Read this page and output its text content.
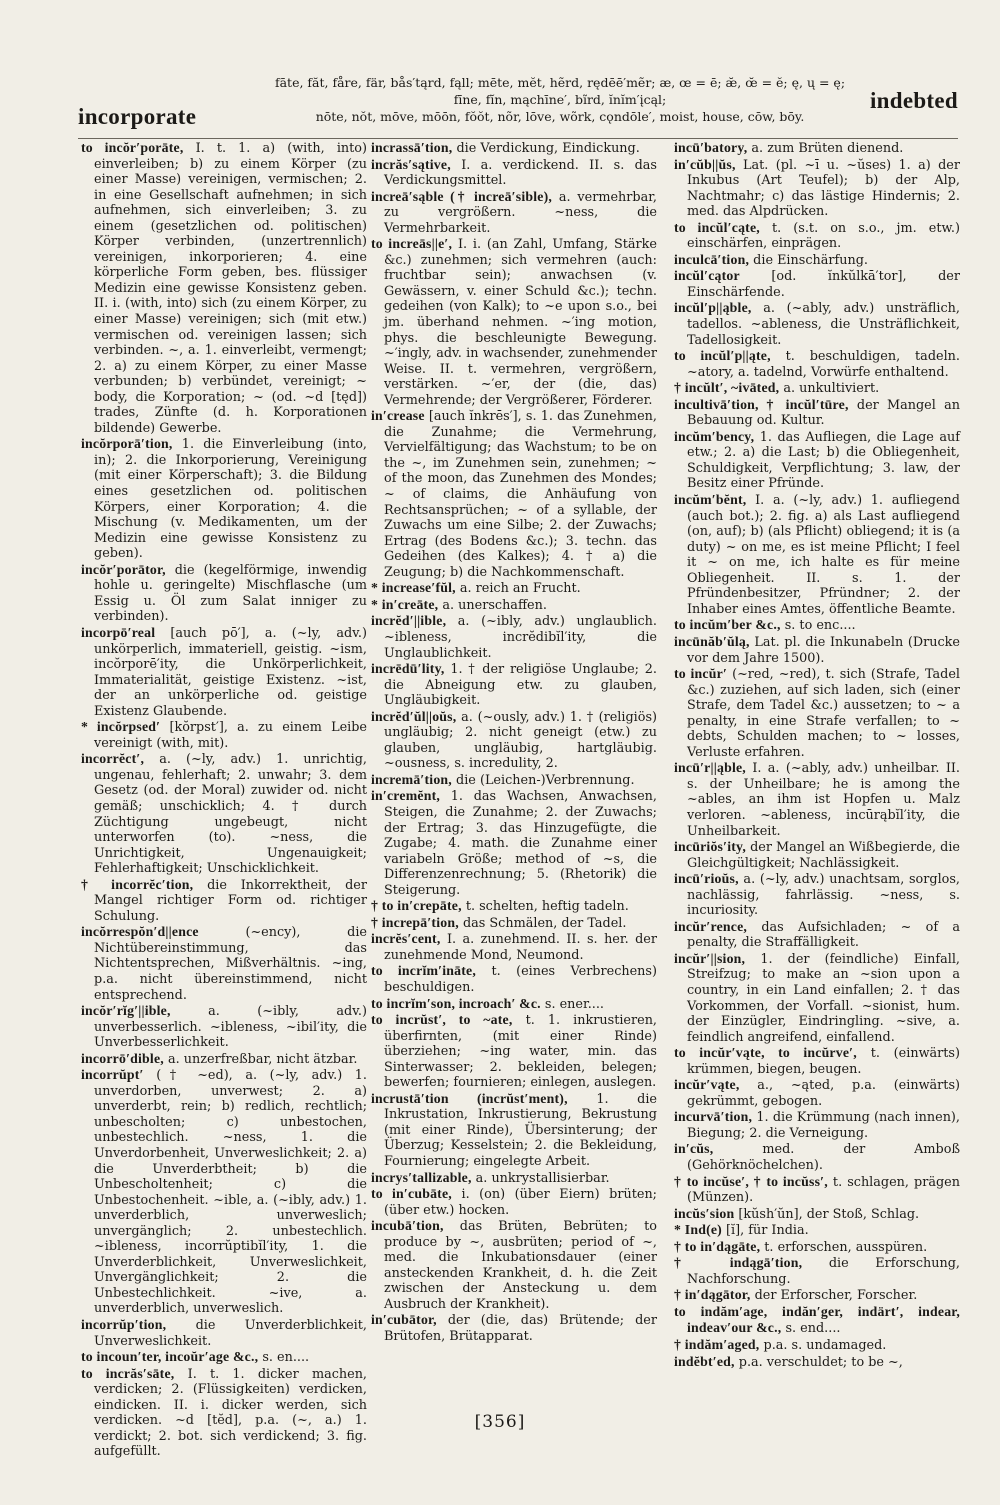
incorporate
fāte, făt, fåre, fär, bås′tąrd, fąll; mēte, mĕt, hẽrd, rędēē′mẽr; æ, œ = ē; æ̆, œ̆ = ĕ; ę, ų = ę;
fīne, fĭn, mąchīne′, bĩrd, ĭnĭm′įcąl;
nōte, nŏt, mōve, mōōn, fŏŏt, nõr, lōve, wõrk, cǫndōle′, moist, house, cōw, bōy.
indebted

to incŏr′porāte, I. t. 1. a) (with, into) einverleiben; b) zu einem Körper (zu einer Masse) vereinigen, vermischen; 2. in eine Gesellschaft aufnehmen; in sich aufnehmen, sich einverleiben; 3. zu einem (gesetzlichen od. politischen) Körper verbinden, (unzertrennlich) vereinigen, inkorporieren; 4. eine körperliche Form geben, bes. flüssiger Medizin eine gewisse Konsistenz geben. II. i. (with, into) sich (zu einem Körper, zu einer Masse) vereinigen; sich (mit etw.) vermischen od. vereinigen lassen; sich verbinden. ~, a. 1. einverleibt, vermengt; 2. a) zu einem Körper, zu einer Masse verbunden; b) verbündet, vereinigt; ~ body, die Korporation; ~ (od. ~d [tęd]) trades, Zünfte (d. h. Korporationen bildende) Gewerbe.

incŏrporā′tion, 1. die Einverleibung (into, in); 2. die Inkorporierung, Vereinigung (mit einer Körperschaft); 3. die Bildung eines gesetzlichen od. politischen Körpers, einer Korporation; 4. die Mischung (v. Medikamenten, um der Medizin eine gewisse Konsistenz zu geben).

incŏr′porātor, die (kegelförmige, inwendig hohle u. geringelte) Mischflasche (um Essig u. Öl zum Salat inniger zu verbinden).

incorpō′real [auch pō′], a. (~ly, adv.) unkörperlich, immateriell, geistig. ~ism, incŏrporē′ity, die Unkörperlichkeit, Immaterialität, geistige Existenz. ~ist, der an unkörperliche od. geistige Existenz Glaubende.

* incŏrpsed′ [kŏrpst′], a. zu einem Leibe vereinigt (with, mit).

incorrĕct′, a. (~ly, adv.) 1. unrichtig, ungenau, fehlerhaft; 2. unwahr; 3. dem Gesetz (od. der Moral) zuwider od. nicht gemäß; unschicklich; 4. † durch Züchtigung ungebeugt, nicht unterworfen (to). ~ness, die Unrichtigkeit, Ungenauigkeit; Fehlerhaftigkeit; Unschicklichkeit.

† incorrĕc′tion, die Inkorrektheit, der Mangel richtiger Form od. richtiger Schulung.

incŏrrespŏn′d||ence (~ency), die Nichtübereinstimmung, das Nichtentsprechen, Mißverhältnis. ~ing, p.a. nicht übereinstimmend, nicht entsprechend.

incŏr′rĭg′||ible, a. (~ibly, adv.) unverbesserlich. ~ibleness, ~ibil′ity, die Unverbesserlichkeit.

incorrō′dible, a. unzerfreßbar, nicht ätzbar.

incorrŭpt′ († ~ed), a. (~ly, adv.) 1. unverdorben, unverwest; 2. a) unverderbt, rein; b) redlich, rechtlich; unbescholten; c) unbestochen, unbestechlich. ~ness, 1. die Unverdorbenheit, Unverweslichkeit; 2. a) die Unverderbtheit; b) die Unbescholtenheit; c) die Unbestochenheit. ~ible, a. (~ibly, adv.) 1. unverderblich, unverweslich; unvergänglich; 2. unbestechlich. ~ibleness, incorrŭptibĭl′ity, 1. die Unverderblichkeit, Unverweslichkeit, Unvergänglichkeit; 2. die Unbestechlichkeit. ~ive, a. unverderblich, unverweslich.

incorrŭp′tion, die Unverderblichkeit, Unverweslichkeit.

to incoun′ter, incoŭr′age &c., s. en....

to incrăs′sāte, I. t. 1. dicker machen, verdicken; 2. (Flüssigkeiten) verdicken, eindicken. II. i. dicker werden, sich verdicken. ~d [tĕd], p.a. (~, a.) 1. verdickt; 2. bot. sich verdickend; 3. fig. aufgefüllt.

incrassā′tion, die Verdickung, Eindickung.

incrăs′sątive, I. a. verdickend. II. s. das Verdickungsmittel.

increā′sąble († increā′sible), a. vermehrbar, zu vergrößern. ~ness, die Vermehrbarkeit.

to increās||e′, I. i. (an Zahl, Umfang, Stärke &c.) zunehmen; sich vermehren (auch: fruchtbar sein); anwachsen (v. Gewässern, v. einer Schuld &c.); techn. gedeihen (von Kalk); to ~e upon s.o., bei jm. überhand nehmen. ~′ing motion, phys. die beschleunigte Bewegung. ~′ingly, adv. in wachsender, zunehmender Weise. II. t. vermehren, vergrößern, verstärken. ~′er, der (die, das) Vermehrende; der Vergrößerer, Förderer.

in′crease [auch ĭnkrēs′], s. 1. das Zunehmen, die Zunahme; die Vermehrung, Vervielfältigung; das Wachstum; to be on the ~, im Zunehmen sein, zunehmen; ~ of the moon, das Zunehmen des Mondes; ~ of claims, die Anhäufung von Rechtsansprüchen; ~ of a syllable, der Zuwachs um eine Silbe; 2. der Zuwachs; Ertrag (des Bodens &c.); 3. techn. das Gedeihen (des Kalkes); 4. † a) die Zeugung; b) die Nachkommenschaft.

* increase′fŭl, a. reich an Frucht.

* in′creāte, a. unerschaffen.

incrĕd′||ible, a. (~ibly, adv.) unglaublich. ~ibleness, incrĕdibĭl′ity, die Unglaublichkeit.

incrēdū′lity, 1. † der religiöse Unglaube; 2. die Abneigung etw. zu glauben, Ungläubigkeit.

incrĕd′ŭl||oŭs, a. (~ously, adv.) 1. † (religiös) ungläubig; 2. nicht geneigt (etw.) zu glauben, ungläubig, hartgläubig. ~ousness, s. incredulity, 2.

incremā′tion, die (Leichen-)Verbrennung.

in′cremĕnt, 1. das Wachsen, Anwachsen, Steigen, die Zunahme; 2. der Zuwachs; der Ertrag; 3. das Hinzugefügte, die Zugabe; 4. math. die Zunahme einer variabeln Größe; method of ~s, die Differenzenrechnung; 5. (Rhetorik) die Steigerung.

† to in′crepāte, t. schelten, heftig tadeln.

† increpā′tion, das Schmälen, der Tadel.

incrĕs′cent, I. a. zunehmend. II. s. her. der zunehmende Mond, Neumond.

to incrĭm′ināte, t. (eines Verbrechens) beschuldigen.

to incrĭm′son, incroach′ &c. s. ener....

to incrŭst′, to ~ate, t. 1. inkrustieren, überfirnten, (mit einer Rinde) überziehen; ~ing water, min. das Sinterwasser; 2. bekleiden, belegen; bewerfen; fournieren; einlegen, auslegen.

incrustā′tion (incrŭst′ment), 1. die Inkrustation, Inkrustierung, Bekrustung (mit einer Rinde), Übersinterung; der Überzug; Kesselstein; 2. die Bekleidung, Fournierung; eingelegte Arbeit.

incrys′tallizable, a. unkrystallisierbar.

to in′cubāte, i. (on) (über Eiern) brüten; (über etw.) hocken.

incubā′tion, das Brüten, Bebrüten; to produce by ~, ausbrüten; period of ~, med. die Inkubationsdauer (einer ansteckenden Krankheit, d. h. die Zeit zwischen der Ansteckung u. dem Ausbruch der Krankheit).

in′cubātor, der (die, das) Brütende; der Brütofen, Brütapparat.

incū′batory, a. zum Brüten dienend.

in′cŭb||ŭs, Lat. (pl. ~ī u. ~ŭses) 1. a) der Inkubus (Art Teufel); b) der Alp, Nachtmahr; c) das lästige Hindernis; 2. med. das Alpdrücken.

to incŭl′cąte, t. (s.t. on s.o., jm. etw.) einschärfen, einprägen.

inculcā′tion, die Einschärfung.

incŭl′cątor [od. ĭnkŭlkā′tor], der Einschärfende.

incŭl′p||ąble, a. (~ably, adv.) unsträflich, tadellos. ~ableness, die Unsträflichkeit, Tadellosigkeit.

to incŭl′p||ąte, t. beschuldigen, tadeln. ~atory, a. tadelnd, Vorwürfe enthaltend.

† incŭlt′, ~ivāted, a. unkultiviert.

incultivā′tion, † incŭl′tūre, der Mangel an Bebauung od. Kultur.

incŭm′bency, 1. das Aufliegen, die Lage auf etw.; 2. a) die Last; b) die Obliegenheit, Schuldigkeit, Verpflichtung; 3. law, der Besitz einer Pfründe.

incŭm′bĕnt, I. a. (~ly, adv.) 1. aufliegend (auch bot.); 2. fig. a) als Last aufliegend (on, auf); b) (als Pflicht) obliegend; it is (a duty) ~ on me, es ist meine Pflicht; I feel it ~ on me, ich halte es für meine Obliegenheit. II. s. 1. der Pfründenbesitzer, Pfründner; 2. der Inhaber eines Amtes, öffentliche Beamte.

to incŭm′ber &c., s. to enc....

incūnăb′ŭlą, Lat. pl. die Inkunabeln (Drucke vor dem Jahre 1500).

to incŭr′ (~red, ~red), t. sich (Strafe, Tadel &c.) zuziehen, auf sich laden, sich (einer Strafe, dem Tadel &c.) aussetzen; to ~ a penalty, in eine Strafe verfallen; to ~ debts, Schulden machen; to ~ losses, Verluste erfahren.

incū′r||ąble, I. a. (~ably, adv.) unheilbar. II. s. der Unheilbare; he is among the ~ables, an ihm ist Hopfen u. Malz verloren. ~ableness, incūrąbĭl′ity, die Unheilbarkeit.

incūriŏs′ity, der Mangel an Wißbegierde, die Gleichgültigkeit; Nachlässigkeit.

incū′rioŭs, a. (~ly, adv.) unachtsam, sorglos, nachlässig, fahrlässig. ~ness, s. incuriosity.

incŭr′rence, das Aufsichladen; ~ of a penalty, die Straffälligkeit.

incŭr′||sion, 1. der (feindliche) Einfall, Streifzug; to make an ~sion upon a country, in ein Land einfallen; 2. † das Vorkommen, der Vorfall. ~sionist, hum. der Einzügler, Eindringling. ~sive, a. feindlich angreifend, einfallend.

to incŭr′vąte, to incŭrve′, t. (einwärts) krümmen, biegen, beugen.

incŭr′vąte, a., ~ąted, p.a. (einwärts) gekrümmt, gebogen.

incurvā′tion, 1. die Krümmung (nach innen), Biegung; 2. die Verneigung.

in′cŭs, med. der Amboß (Gehörknöchelchen).

† to incŭse′, † to incŭss′, t. schlagen, prägen (Münzen).

incŭs′sion [kŭsh′ŭn], der Stoß, Schlag.

* Ind(e) [ĭ], für India.

† to in′dągāte, t. erforschen, ausspüren.

† indągā′tion, die Erforschung, Nachforschung.

† in′dągātor, der Erforscher, Forscher.

to indăm′age, indăn′ger, indärt′, indear, indeav′our &c., s. end....

† indăm′aged, p.a. s. undamaged.

indĕbt′ed, p.a. verschuldet; to be ~,

[356]
